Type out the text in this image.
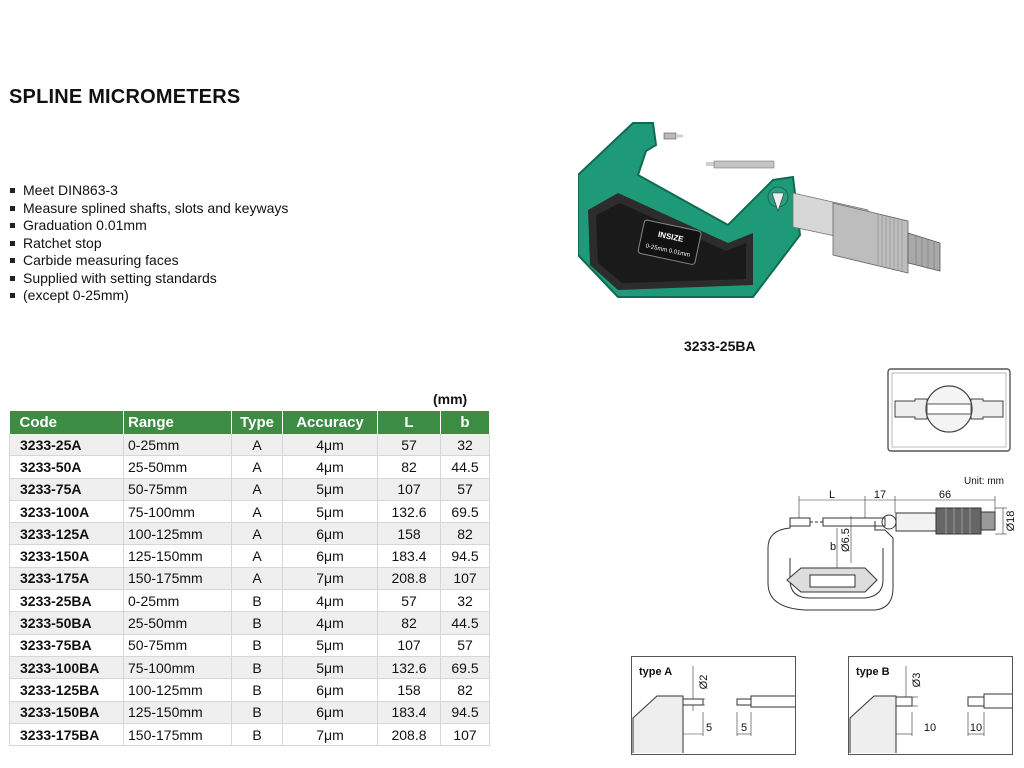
SPLINE MICROMETERS
Meet DIN863-3
Measure splined shafts, slots and keyways
Graduation 0.01mm
Ratchet stop
Carbide measuring faces
Supplied with setting standards
(except 0-25mm)
(mm)
Code	Range	Type	Accuracy	L	b
3233-25A	0-25mm	A	4μm	57	32
3233-50A	25-50mm	A	4μm	82	44.5
3233-75A	50-75mm	A	5μm	107	57
3233-100A	75-100mm	A	5μm	132.6	69.5
3233-125A	100-125mm	A	6μm	158	82
3233-150A	125-150mm	A	6μm	183.4	94.5
3233-175A	150-175mm	A	7μm	208.8	107
3233-25BA	0-25mm	B	4μm	57	32
3233-50BA	25-50mm	B	4μm	82	44.5
3233-75BA	50-75mm	B	5μm	107	57
3233-100BA	75-100mm	B	5μm	132.6	69.5
3233-125BA	100-125mm	B	6μm	158	82
3233-150BA	125-150mm	B	6μm	183.4	94.5
3233-175BA	150-175mm	B	7μm	208.8	107
INSIZE
0-25mm 0.01mm
3233-25BA
Unit: mm
L	17	66
b Ø6.5
Ø18
type A
Ø2
5	5
type B
Ø3
10	10
